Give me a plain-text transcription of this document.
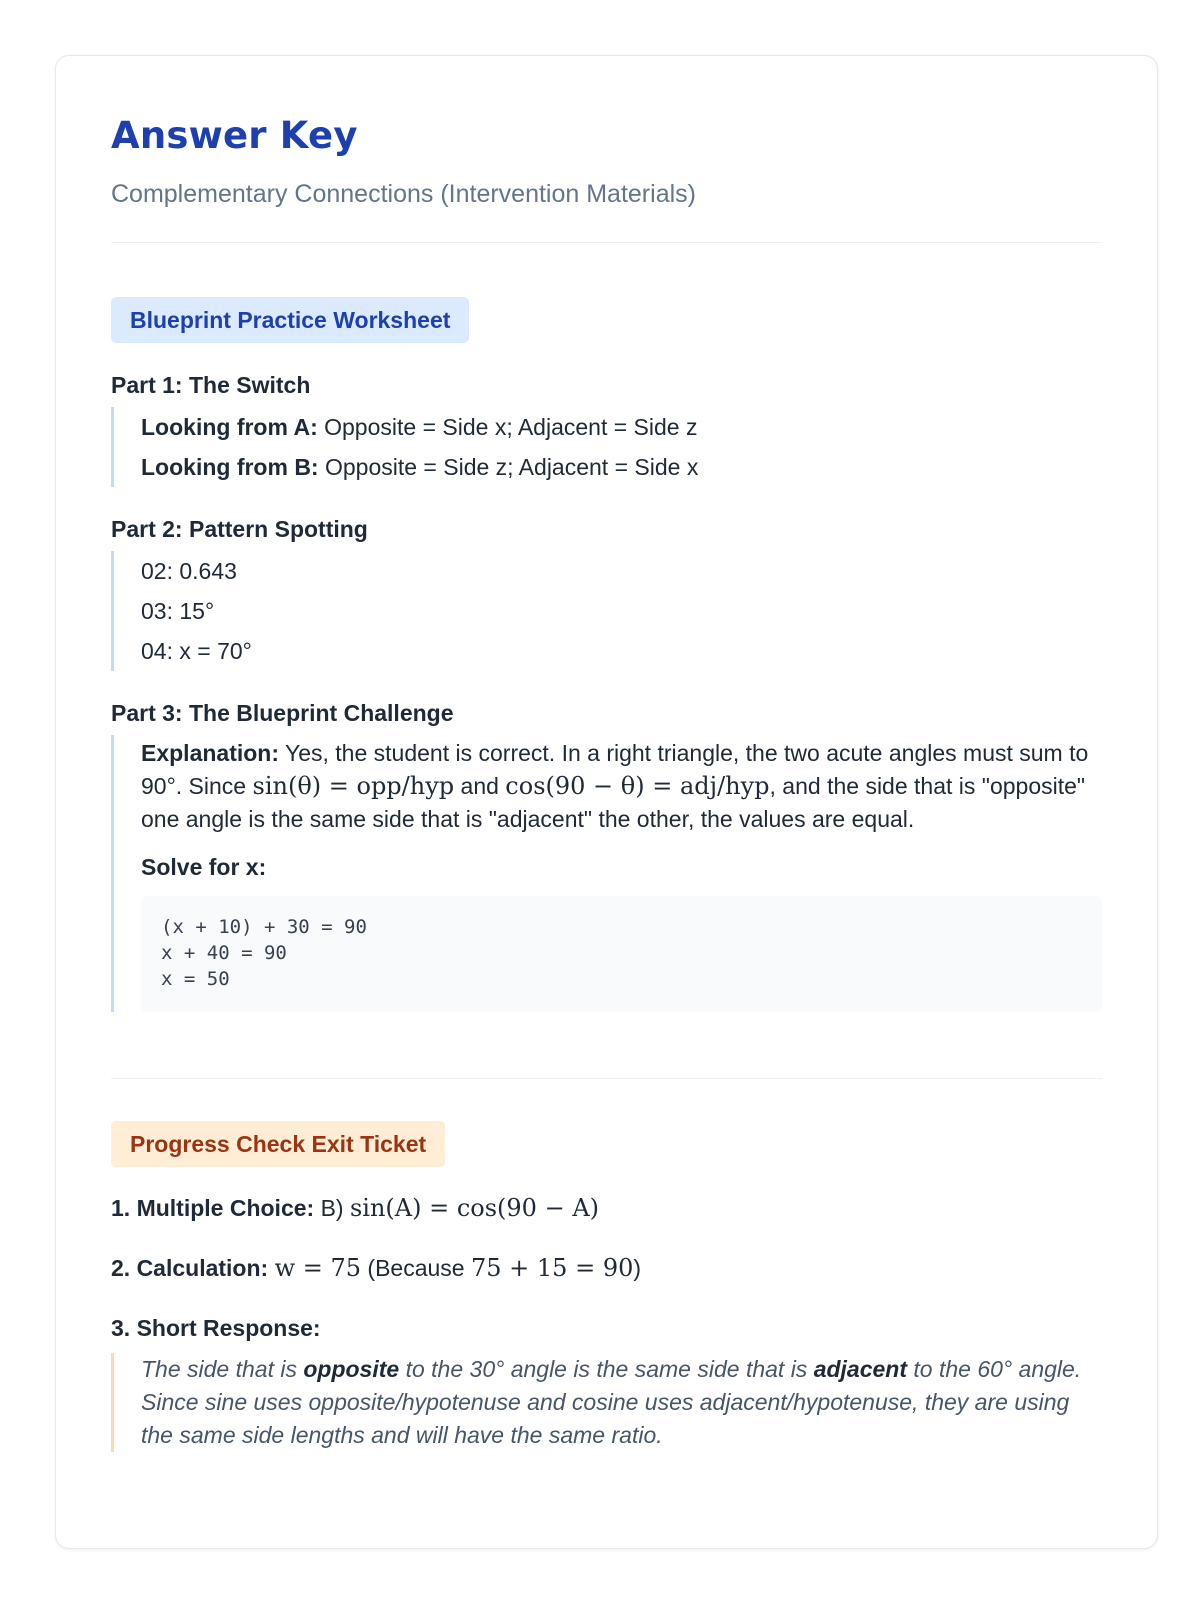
Answer Key
Complementary Connections (Intervention Materials)
Blueprint Practice Worksheet
Part 1: The Switch
Looking from A: Opposite = Side x; Adjacent = Side z
Looking from B: Opposite = Side z; Adjacent = Side x
Part 2: Pattern Spotting
02: 0.643
03: 15°
04: x = 70°
Part 3: The Blueprint Challenge
Explanation: Yes, the student is correct. In a right triangle, the two acute angles must sum to 90°. Since sin(θ) = opp/hyp and cos(90 − θ) = adj/hyp, and the side that is "opposite" one angle is the same side that is "adjacent" the other, the values are equal.
Solve for x:
(x + 10) + 30 = 90
x + 40 = 90
x = 50
Progress Check Exit Ticket
1. Multiple Choice: B) sin(A) = cos(90 − A)
2. Calculation: w = 75 (Because 75 + 15 = 90)
3. Short Response:
The side that is opposite to the 30° angle is the same side that is adjacent to the 60° angle. Since sine uses opposite/hypotenuse and cosine uses adjacent/hypotenuse, they are using the same side lengths and will have the same ratio.
